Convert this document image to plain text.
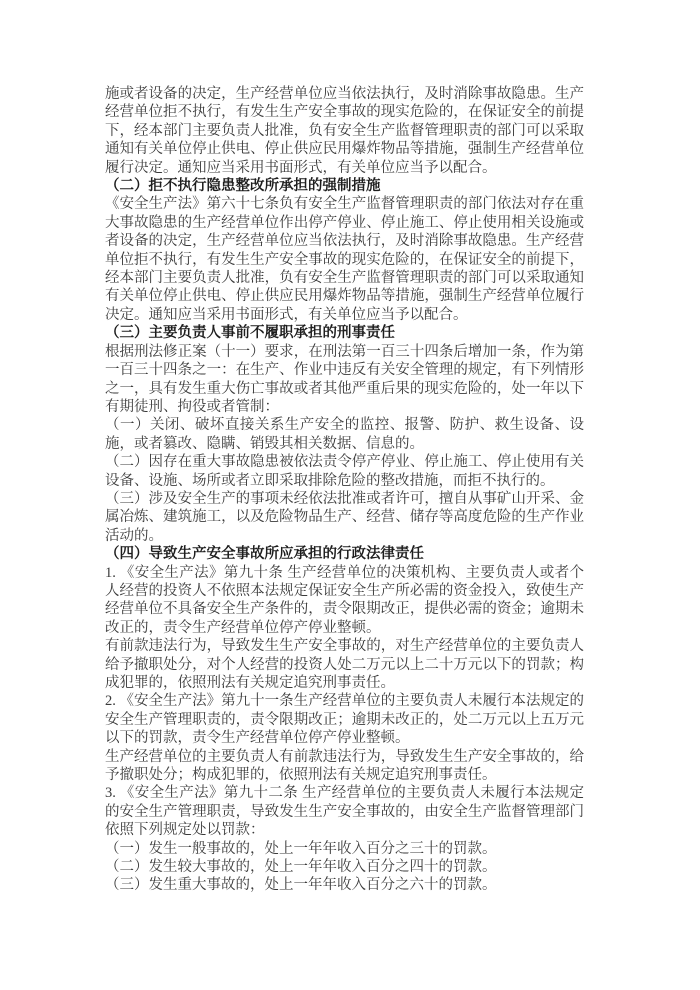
施或者设备的决定，生产经营单位应当依法执行，及时消除事故隐患。生产经营单位拒不执行，有发生生产安全事故的现实危险的，在保证安全的前提下，经本部门主要负责人批准，负有安全生产监督管理职责的部门可以采取通知有关单位停止供电、停止供应民用爆炸物品等措施，强制生产经营单位履行决定。通知应当采用书面形式，有关单位应当予以配合。

（二）拒不执行隐患整改所承担的强制措施

《安全生产法》第六十七条负有安全生产监督管理职责的部门依法对存在重大事故隐患的生产经营单位作出停产停业、停止施工、停止使用相关设施或者设备的决定，生产经营单位应当依法执行，及时消除事故隐患。生产经营单位拒不执行，有发生生产安全事故的现实危险的，在保证安全的前提下，经本部门主要负责人批准，负有安全生产监督管理职责的部门可以采取通知有关单位停止供电、停止供应民用爆炸物品等措施，强制生产经营单位履行决定。通知应当采用书面形式，有关单位应当予以配合。

（三）主要负责人事前不履职承担的刑事责任

根据刑法修正案（十一）要求，在刑法第一百三十四条后增加一条，作为第一百三十四条之一：在生产、作业中违反有关安全管理的规定，有下列情形之一，具有发生重大伤亡事故或者其他严重后果的现实危险的，处一年以下有期徒刑、拘役或者管制：

（一）关闭、破坏直接关系生产安全的监控、报警、防护、救生设备、设施，或者篡改、隐瞒、销毁其相关数据、信息的。

（二）因存在重大事故隐患被依法责令停产停业、停止施工、停止使用有关设备、设施、场所或者立即采取排除危险的整改措施，而拒不执行的。

（三）涉及安全生产的事项未经依法批准或者许可，擅自从事矿山开采、金属冶炼、建筑施工，以及危险物品生产、经营、储存等高度危险的生产作业活动的。

（四）导致生产安全事故所应承担的行政法律责任

1. 《安全生产法》第九十条 生产经营单位的决策机构、主要负责人或者个人经营的投资人不依照本法规定保证安全生产所必需的资金投入，致使生产经营单位不具备安全生产条件的，责令限期改正，提供必需的资金；逾期未改正的，责令生产经营单位停产停业整顿。

有前款违法行为，导致发生生产安全事故的，对生产经营单位的主要负责人给予撤职处分，对个人经营的投资人处二万元以上二十万元以下的罚款；构成犯罪的，依照刑法有关规定追究刑事责任。

2. 《安全生产法》第九十一条生产经营单位的主要负责人未履行本法规定的安全生产管理职责的，责令限期改正；逾期未改正的，处二万元以上五万元以下的罚款，责令生产经营单位停产停业整顿。

生产经营单位的主要负责人有前款违法行为，导致发生生产安全事故的，给予撤职处分；构成犯罪的，依照刑法有关规定追究刑事责任。

3. 《安全生产法》第九十二条 生产经营单位的主要负责人未履行本法规定的安全生产管理职责，导致发生生产安全事故的，由安全生产监督管理部门依照下列规定处以罚款：

（一）发生一般事故的，处上一年年收入百分之三十的罚款。

（二）发生较大事故的，处上一年年收入百分之四十的罚款。

（三）发生重大事故的，处上一年年收入百分之六十的罚款。
